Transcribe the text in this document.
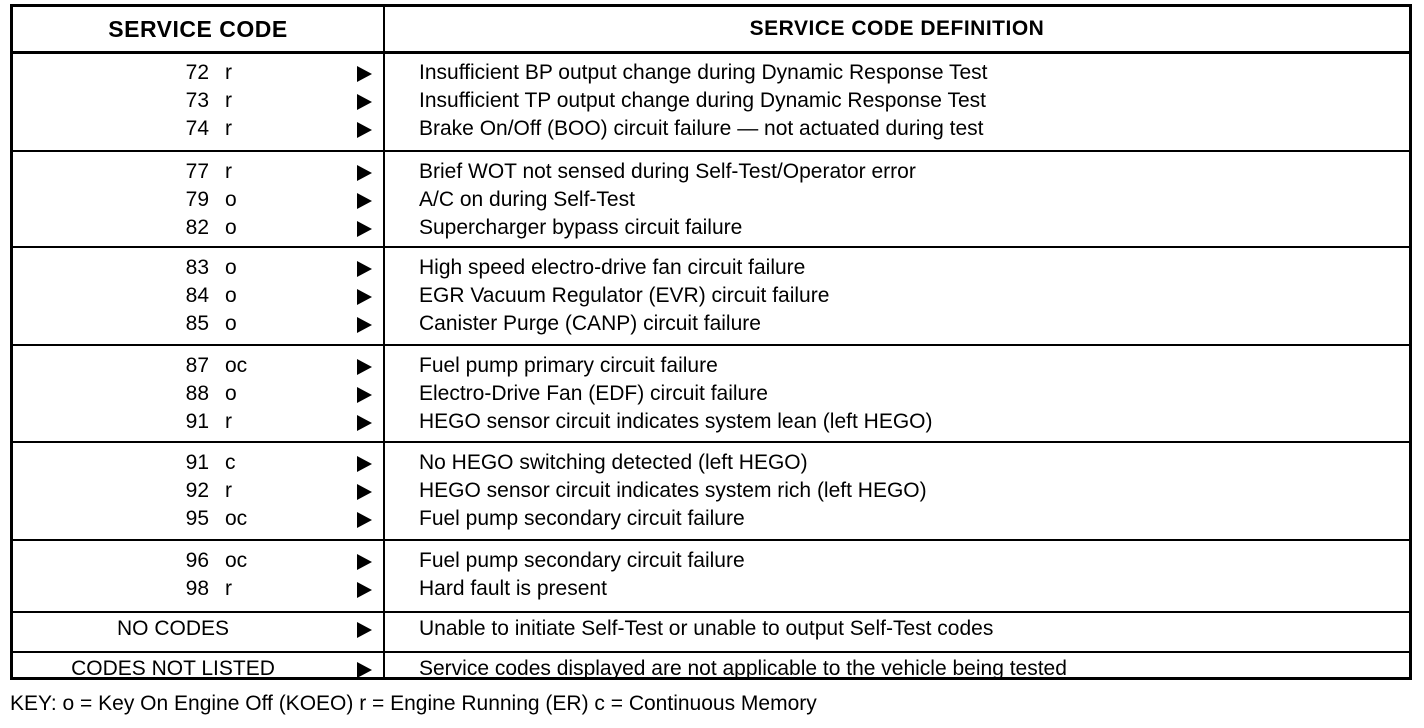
SERVICE CODE	SERVICE CODE DEFINITION
72 r	Insufficient BP output change during Dynamic Response Test
73 r	Insufficient TP output change during Dynamic Response Test
74 r	Brake On/Off (BOO) circuit failure — not actuated during test
77 r	Brief WOT not sensed during Self-Test/Operator error
79 o	A/C on during Self-Test
82 o	Supercharger bypass circuit failure
83 o	High speed electro-drive fan circuit failure
84 o	EGR Vacuum Regulator (EVR) circuit failure
85 o	Canister Purge (CANP) circuit failure
87 oc	Fuel pump primary circuit failure
88 o	Electro-Drive Fan (EDF) circuit failure
91 r	HEGO sensor circuit indicates system lean (left HEGO)
91 c	No HEGO switching detected (left HEGO)
92 r	HEGO sensor circuit indicates system rich (left HEGO)
95 oc	Fuel pump secondary circuit failure
96 oc	Fuel pump secondary circuit failure
98 r	Hard fault is present
NO CODES	Unable to initiate Self-Test or unable to output Self-Test codes
CODES NOT LISTED	Service codes displayed are not applicable to the vehicle being tested
KEY: o = Key On Engine Off (KOEO) r = Engine Running (ER) c = Continuous Memory
